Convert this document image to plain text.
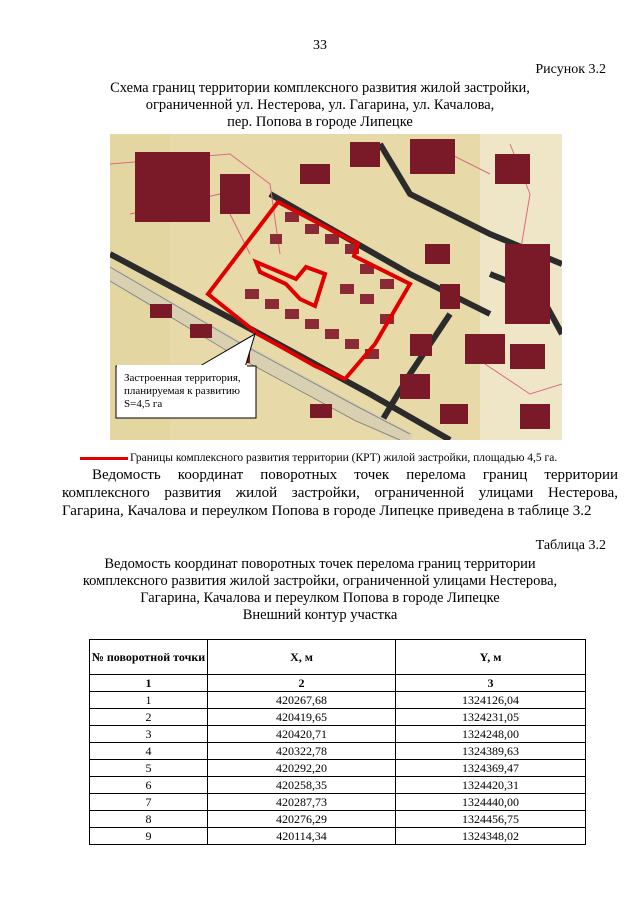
33
Рисунок 3.2
Схема границ территории комплексного развития жилой застройки,
ограниченной ул. Нестерова, ул. Гагарина, ул. Качалова,
пер. Попова в городе Липецке
Застроенная территория,
планируемая к развитию
S=4,5 га
Границы комплексного развития территории (КРТ) жилой застройки, площадью 4,5 га.
Ведомость координат поворотных точек перелома границ территории комплексного развития жилой застройки, ограниченной улицами Нестерова, Гагарина, Качалова и переулком Попова в городе Липецке приведена в таблице 3.2
Таблица 3.2
Ведомость координат поворотных точек перелома границ территории
комплексного развития жилой застройки, ограниченной улицами Нестерова,
Гагарина, Качалова и переулком Попова в городе Липецке
Внешний контур участка
№ поворотной точки	X, м	Y, м
1	2	3
1	420267,68	1324126,04
2	420419,65	1324231,05
3	420420,71	1324248,00
4	420322,78	1324389,63
5	420292,20	1324369,47
6	420258,35	1324420,31
7	420287,73	1324440,00
8	420276,29	1324456,75
9	420114,34	1324348,02
